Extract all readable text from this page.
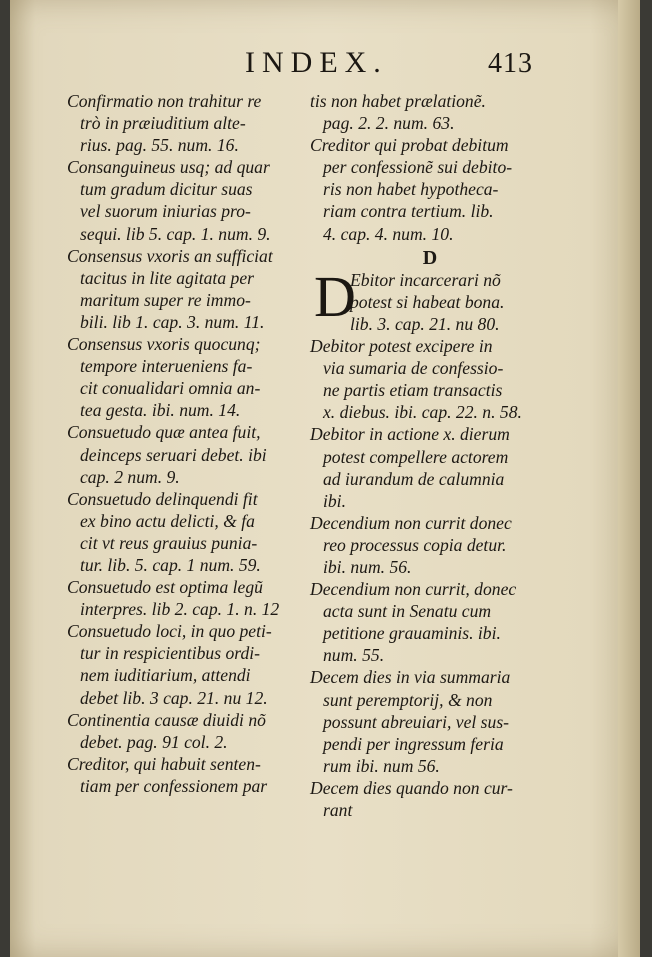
INDEX.	413
Confirmatio non trahitur re
trò in præiuditium alte-
rius. pag. 55. num. 16.
Consanguineus usq; ad quar
tum gradum dicitur suas
vel suorum iniurias pro-
sequi. lib 5. cap. 1. num. 9.
Consensus vxoris an sufficiat
tacitus in lite agitata per
maritum super re immo-
bili. lib 1. cap. 3. num. 11.
Consensus vxoris quocunq;
tempore interueniens fa-
cit conualidari omnia an-
tea gesta. ibi. num. 14.
Consuetudo quæ antea fuit,
deinceps seruari debet. ibi
cap. 2 num. 9.
Consuetudo delinquendi fit
ex bino actu delicti, & fa
cit vt reus grauius punia-
tur. lib. 5. cap. 1 num. 59.
Consuetudo est optima legũ
interpres. lib 2. cap. 1. n. 12
Consuetudo loci, in quo peti-
tur in respicientibus ordi-
nem iuditiarium, attendi
debet lib. 3 cap. 21. nu 12.
Continentia causæ diuidi nõ
debet. pag. 91 col. 2.
Creditor, qui habuit senten-
tiam per confessionem par
tis non habet prælationẽ.
pag. 2. 2. num. 63.
Creditor qui probat debitum
per confessionẽ sui debito-
ris non habet hypotheca-
riam contra tertium. lib.
4. cap. 4. num. 10.
D
D
Ebitor incarcerari nõ
potest si habeat bona.
lib. 3. cap. 21. nu 80.
Debitor potest excipere in
via sumaria de confessio-
ne partis etiam transactis
x. diebus. ibi. cap. 22. n. 58.
Debitor in actione x. dierum
potest compellere actorem
ad iurandum de calumnia
ibi.
Decendium non currit donec
reo processus copia detur.
ibi. num. 56.
Decendium non currit, donec
acta sunt in Senatu cum
petitione grauaminis. ibi.
num. 55.
Decem dies in via summaria
sunt peremptorij, & non
possunt abreuiari, vel sus-
pendi per ingressum feria
rum ibi. num 56.
Decem dies quando non cur-
rant
